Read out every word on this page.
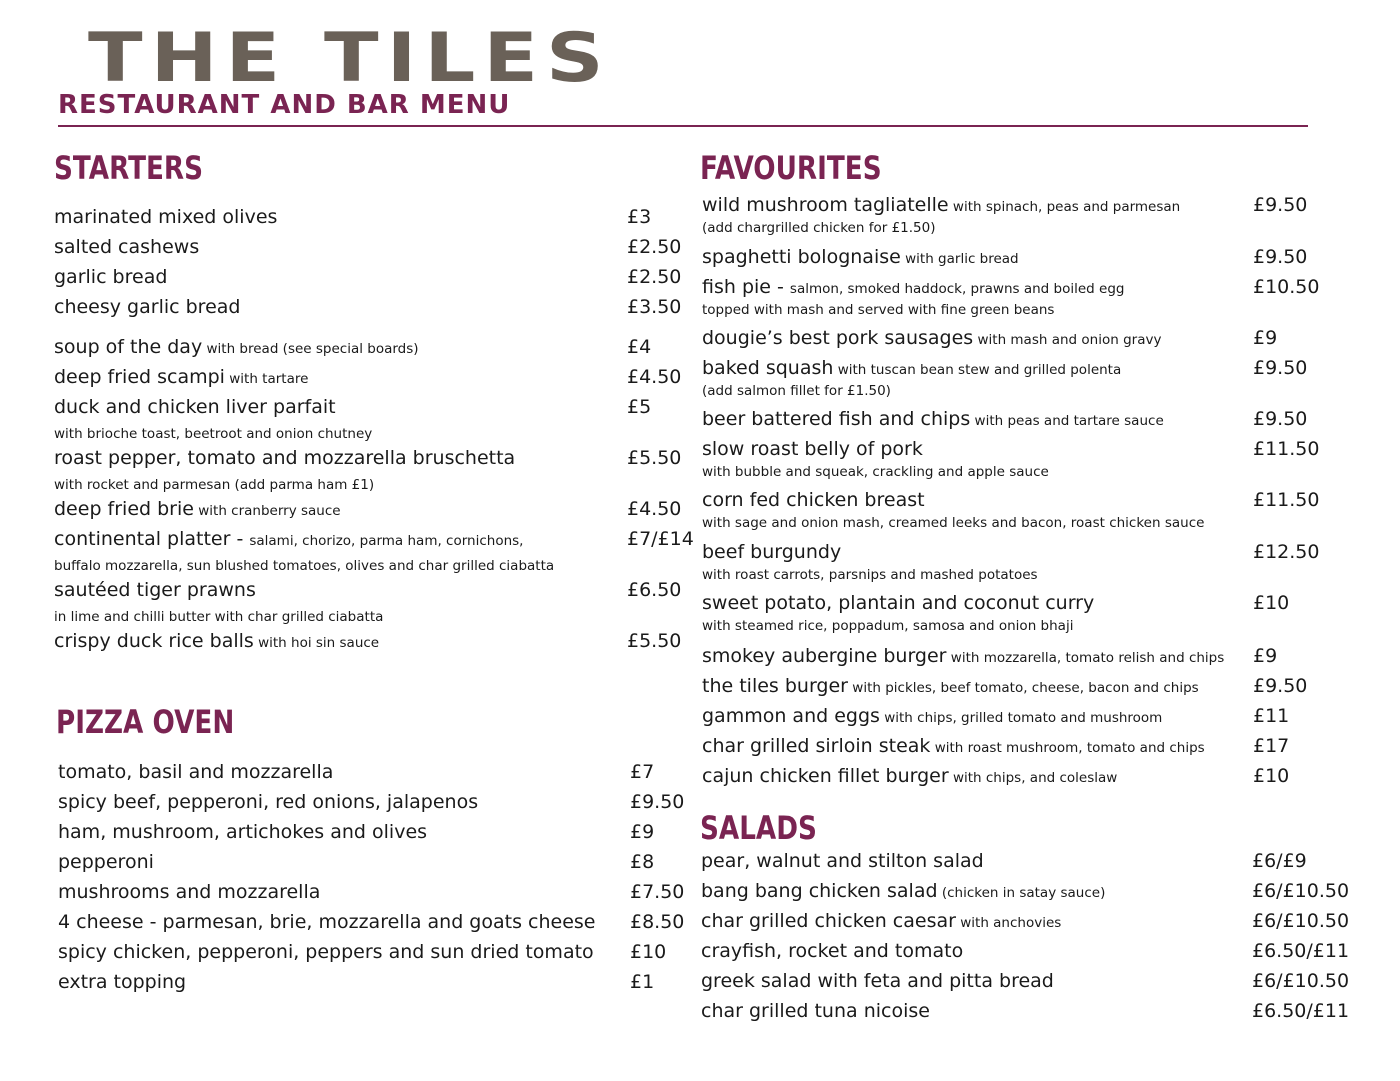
THE TILES
RESTAURANT AND BAR MENU
STARTERS
marinated mixed olives	£3
salted cashews	£2.50
garlic bread	£2.50
cheesy garlic bread	£3.50
soup of the day with bread (see special boards)	£4
deep fried scampi with tartare	£4.50
duck and chicken liver parfait	£5
with brioche toast, beetroot and onion chutney
roast pepper, tomato and mozzarella bruschetta	£5.50
with rocket and parmesan (add parma ham £1)
deep fried brie with cranberry sauce	£4.50
continental platter - salami, chorizo, parma ham, cornichons,	£7/£14
buffalo mozzarella, sun blushed tomatoes, olives and char grilled ciabatta
sautéed tiger prawns	£6.50
in lime and chilli butter with char grilled ciabatta
crispy duck rice balls with hoi sin sauce	£5.50
PIZZA OVEN
tomato, basil and mozzarella	£7
spicy beef, pepperoni, red onions, jalapenos	£9.50
ham, mushroom, artichokes and olives	£9
pepperoni	£8
mushrooms and mozzarella	£7.50
4 cheese - parmesan, brie, mozzarella and goats cheese £8.50
spicy chicken, pepperoni, peppers and sun dried tomato £10
extra topping	£1
FAVOURITES
wild mushroom tagliatelle with spinach, peas and parmesan	£9.50
(add chargrilled chicken for £1.50)
spaghetti bolognaise with garlic bread	£9.50
fish pie - salmon, smoked haddock, prawns and boiled egg	£10.50
topped with mash and served with fine green beans
dougie’s best pork sausages with mash and onion gravy	£9
baked squash with tuscan bean stew and grilled polenta	£9.50
(add salmon fillet for £1.50)
beer battered fish and chips with peas and tartare sauce	£9.50
slow roast belly of pork	£11.50
with bubble and squeak, crackling and apple sauce
corn fed chicken breast	£11.50
with sage and onion mash, creamed leeks and bacon, roast chicken sauce
beef burgundy	£12.50
with roast carrots, parsnips and mashed potatoes
sweet potato, plantain and coconut curry	£10
with steamed rice, poppadum, samosa and onion bhaji
smokey aubergine burger with mozzarella, tomato relish and chips £9
the tiles burger with pickles, beef tomato, cheese, bacon and chips	£9.50
gammon and eggs with chips, grilled tomato and mushroom	£11
char grilled sirloin steak with roast mushroom, tomato and chips	£17
cajun chicken fillet burger with chips, and coleslaw	£10
SALADS
pear, walnut and stilton salad	£6/£9
bang bang chicken salad (chicken in satay sauce)	£6/£10.50
char grilled chicken caesar with anchovies	£6/£10.50
crayfish, rocket and tomato	£6.50/£11
greek salad with feta and pitta bread	£6/£10.50
char grilled tuna nicoise	£6.50/£11
